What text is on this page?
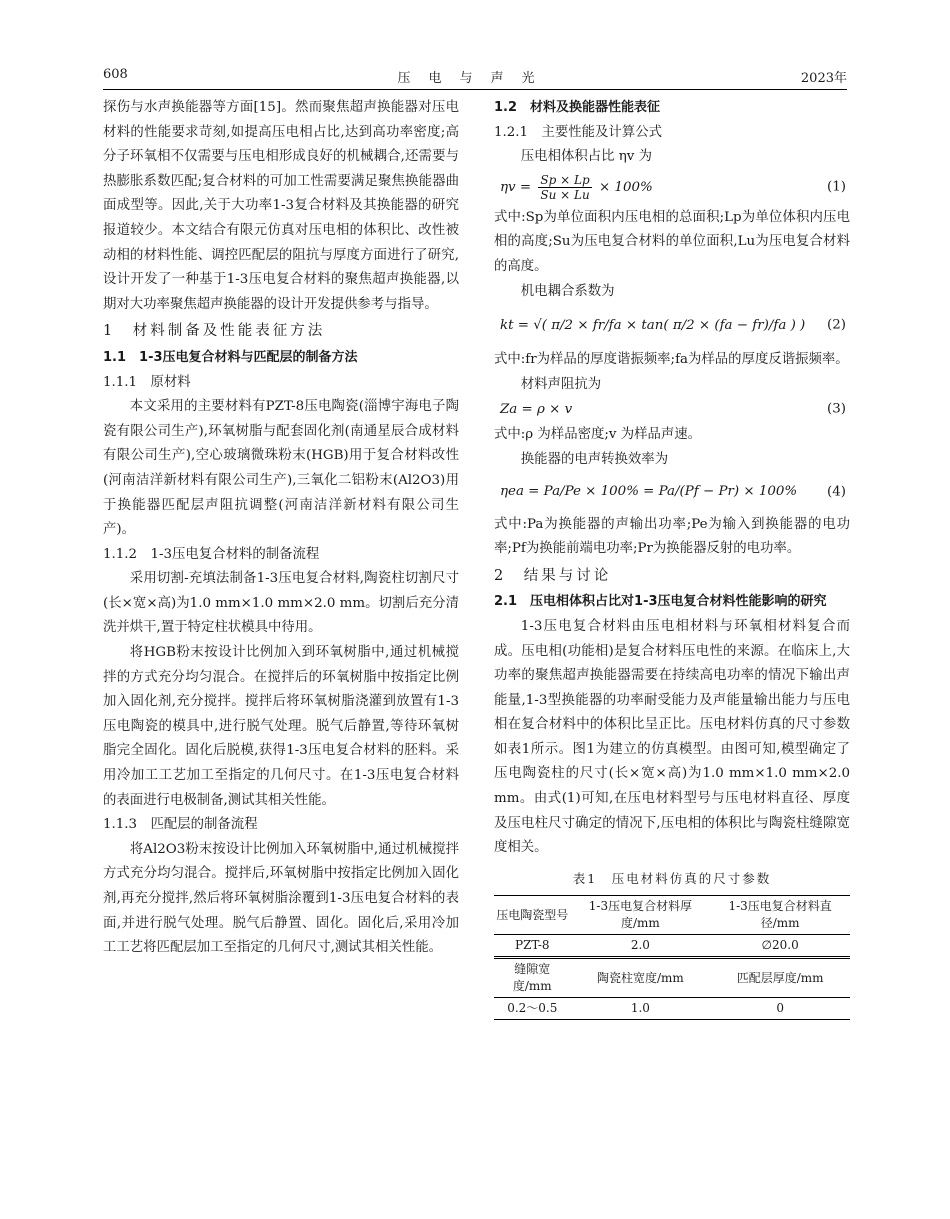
608	压电与声光	2023年

探伤与水声换能器等方面[15]。然而聚焦超声换能器对压电材料的性能要求苛刻,如提高压电相占比,达到高功率密度;高分子环氧相不仅需要与压电相形成良好的机械耦合,还需要与热膨胀系数匹配;复合材料的可加工性需要满足聚焦换能器曲面成型等。因此,关于大功率1-3复合材料及其换能器的研究报道较少。本文结合有限元仿真对压电相的体积比、改性被动相的材料性能、调控匹配层的阻抗与厚度方面进行了研究,设计开发了一种基于1-3压电复合材料的聚焦超声换能器,以期对大功率聚焦超声换能器的设计开发提供参考与指导。

1　材料制备及性能表征方法

1.1　1-3压电复合材料与匹配层的制备方法

1.1.1　原材料

本文采用的主要材料有PZT-8压电陶瓷(淄博宇海电子陶瓷有限公司生产),环氧树脂与配套固化剂(南通星辰合成材料有限公司生产),空心玻璃微珠粉末(HGB)用于复合材料改性(河南洁洋新材料有限公司生产),三氧化二铝粉末(Al2O3)用于换能器匹配层声阻抗调整(河南洁洋新材料有限公司生产)。

1.1.2　1-3压电复合材料的制备流程

采用切割-充填法制备1-3压电复合材料,陶瓷柱切割尺寸(长×宽×高)为1.0 mm×1.0 mm×2.0 mm。切割后充分清洗并烘干,置于特定柱状模具中待用。

将HGB粉末按设计比例加入到环氧树脂中,通过机械搅拌的方式充分均匀混合。在搅拌后的环氧树脂中按指定比例加入固化剂,充分搅拌。搅拌后将环氧树脂浇灌到放置有1-3压电陶瓷的模具中,进行脱气处理。脱气后静置,等待环氧树脂完全固化。固化后脱模,获得1-3压电复合材料的胚料。采用冷加工工艺加工至指定的几何尺寸。在1-3压电复合材料的表面进行电极制备,测试其相关性能。

1.1.3　匹配层的制备流程

将Al2O3粉末按设计比例加入环氧树脂中,通过机械搅拌方式充分均匀混合。搅拌后,环氧树脂中按指定比例加入固化剂,再充分搅拌,然后将环氧树脂涂覆到1-3压电复合材料的表面,并进行脱气处理。脱气后静置、固化。固化后,采用冷加工工艺将匹配层加工至指定的几何尺寸,测试其相关性能。

1.2　材料及换能器性能表征

1.2.1　主要性能及计算公式

压电相体积占比 ηv 为

$\eta v = \frac{Sp \times Lp}{Su \times Lu} \times 100\%$	(1)

式中:Sp为单位面积内压电相的总面积;Lp为单位体积内压电相的高度;Su为压电复合材料的单位面积,Lu为压电复合材料的高度。

机电耦合系数为

kt = √( π/2 × fr/fa × tan( π/2 × (fa − fr)/fa ) ) (2)

式中:fr为样品的厚度谐振频率;fa为样品的厚度反谐振频率。

材料声阻抗为

Za = ρ × v	(3)

式中:ρ 为样品密度;v 为样品声速。

换能器的电声转换效率为

ηea = Pa/Pe × 100% = Pa/(Pf − Pr) × 100% (4)

式中:Pa为换能器的声输出功率;Pe为输入到换能器的电功率;Pf为换能前端电功率;Pr为换能器反射的电功率。

2　结果与讨论

2.1　压电相体积占比对1-3压电复合材料性能影响的研究

1-3压电复合材料由压电相材料与环氧相材料复合而成。压电相(功能相)是复合材料压电性的来源。在临床上,大功率的聚焦超声换能器需要在持续高电功率的情况下输出声能量,1-3型换能器的功率耐受能力及声能量输出能力与压电相在复合材料中的体积比呈正比。压电材料仿真的尺寸参数如表1所示。图1为建立的仿真模型。由图可知,模型确定了压电陶瓷柱的尺寸(长×宽×高)为1.0 mm×1.0 mm×2.0 mm。由式(1)可知,在压电材料型号与压电材料直径、厚度及压电柱尺寸确定的情况下,压电相的体积比与陶瓷柱缝隙宽度相关。

表1　压电材料仿真的尺寸参数
压电陶瓷型号	1-3压电复合材料厚度/mm	1-3压电复合材料直径/mm
PZT-8	2.0	∅20.0
缝隙宽度/mm	陶瓷柱宽度/mm	匹配层厚度/mm
0.2～0.5	1.0	0
